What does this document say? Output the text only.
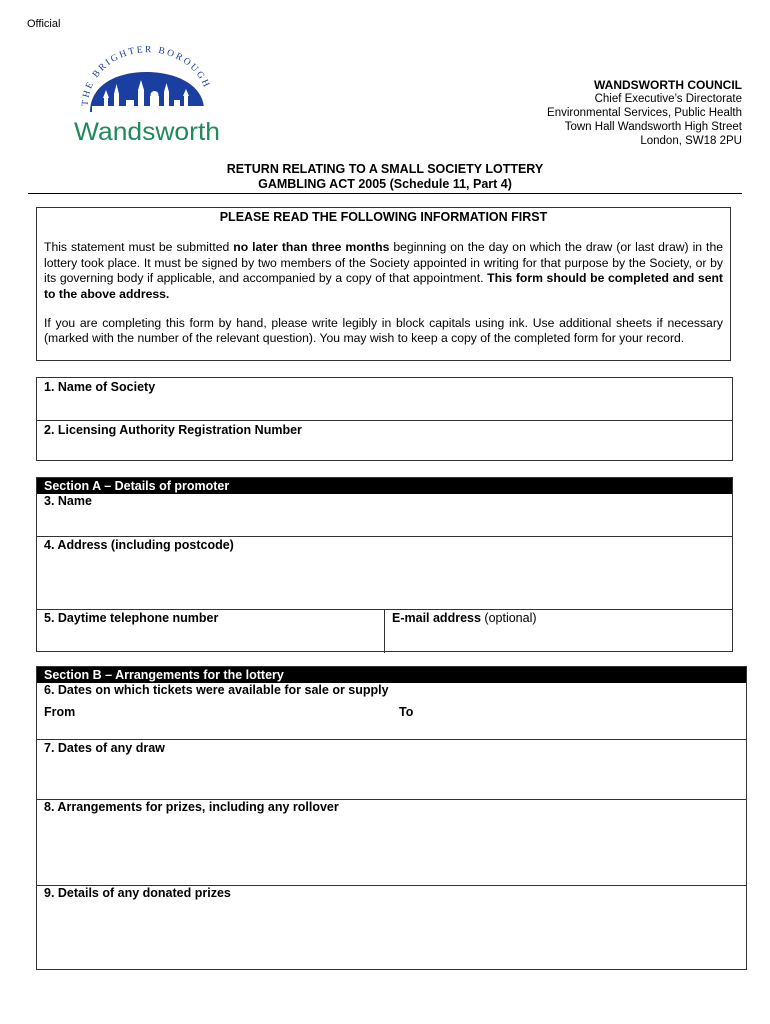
Official
THE BRIGHTER BOROUGH
Wandsworth
WANDSWORTH COUNCIL
Chief Executive’s Directorate
Environmental Services, Public Health
Town Hall Wandsworth High Street
London, SW18 2PU
RETURN RELATING TO A SMALL SOCIETY LOTTERY
GAMBLING ACT 2005 (Schedule 11, Part 4)
PLEASE READ THE FOLLOWING INFORMATION FIRST

This statement must be submitted no later than three months beginning on the day on which the draw (or last draw) in the lottery took place. It must be signed by two members of the Society appointed in writing for that purpose by the Society, or by its governing body if applicable, and accompanied by a copy of that appointment. This form should be completed and sent to the above address.

If you are completing this form by hand, please write legibly in block capitals using ink. Use additional sheets if necessary (marked with the number of the relevant question). You may wish to keep a copy of the completed form for your record.

1. Name of Society
2. Licensing Authority Registration Number
Section A – Details of promoter
3. Name
4. Address (including postcode)
5. Daytime telephone number	E-mail address (optional)
Section B – Arrangements for the lottery
6. Dates on which tickets were available for sale or supply
From	To
7. Dates of any draw
8. Arrangements for prizes, including any rollover
9. Details of any donated prizes
